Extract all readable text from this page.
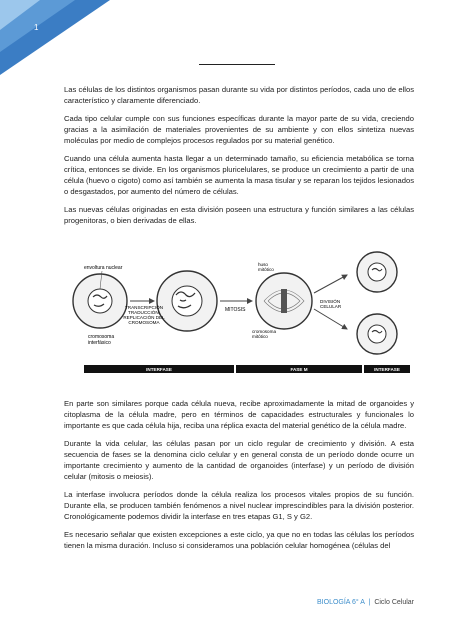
1

Las células de los distintos organismos pasan durante su vida por distintos períodos, cada uno de ellos característico y claramente diferenciado.

Cada tipo celular cumple con sus funciones específicas durante la mayor parte de su vida, creciendo gracias a la asimilación de materiales provenientes de su ambiente y con ellos sintetiza nuevas moléculas por medio de complejos procesos regulados por su material genético.

Cuando una célula aumenta hasta llegar a un determinado tamaño, su eficiencia metabólica se torna crítica, entonces se divide. En los organismos pluricelulares, se produce un crecimiento a partir de una célula (huevo o cigoto) como así también se aumenta la masa tisular y se reparan los tejidos lesionados o desgastados, por aumento del número de células.

Las nuevas células originadas en esta división poseen una estructura y función similares a las células progenitoras, o bien derivadas de ellas.

envoltura nuclear
cromosoma
interfásico
TRANSCRIPCIÓN
TRADUCCIÓN,
REPLICACIÓN DEL
CROMOSOMA
MITOSIS
huso
mitótico
cromosoma
mitótico
DIVISIÓN
CELULAR
INTERFASE	FASE M	INTERFASE

En parte son similares porque cada célula nueva, recibe aproximadamente la mitad de organoides y citoplasma de la célula madre, pero en términos de capacidades estructurales y funcionales lo importante es que cada célula hija, reciba una réplica exacta del material genético de la célula madre.

Durante la vida celular, las células pasan por un ciclo regular de crecimiento y división. A esta secuencia de fases se la denomina ciclo celular y en general consta de un período donde ocurre un importante crecimiento y aumento de la cantidad de organoides (interfase) y un período de división celular (mitosis o meiosis).

La interfase involucra períodos donde la célula realiza los procesos vitales propios de su función. Durante ella, se producen también fenómenos a nivel nuclear imprescindibles para la división posterior. Cronológicamente podemos dividir la interfase en tres etapas G1, S y G2.

Es necesario señalar que existen excepciones a este ciclo, ya que no en todas las células los períodos tienen la misma duración. Incluso si consideramos una población celular homogénea (células del

BIOLOGÍA 6° A | Ciclo Celular
